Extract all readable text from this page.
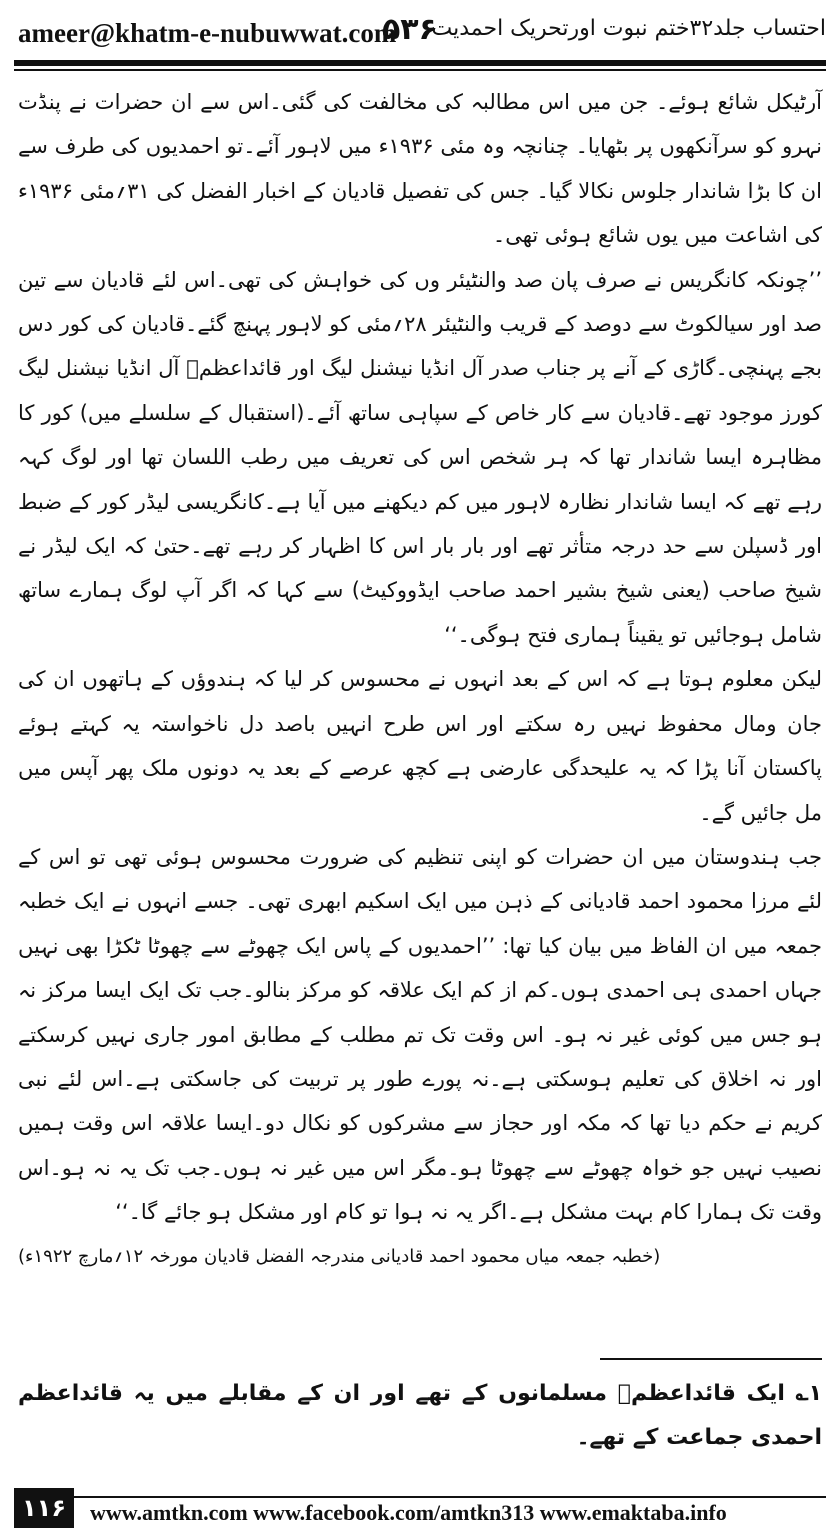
ameer@khatm-e-nubuwwat.com
۵۳۶
احتساب جلد۳۲ختم نبوت اورتحریک احمدیت

آرٹیکل شائع ہوئے۔ جن میں اس مطالبہ کی مخالفت کی گئی۔اس سے ان حضرات نے پنڈت نہرو کو سرآنکھوں پر بٹھایا۔ چنانچہ وہ مئی ۱۹۳۶ء میں لاہور آئے۔تو احمدیوں کی طرف سے ان کا بڑا شاندار جلوس نکالا گیا۔ جس کی تفصیل قادیان کے اخبار الفضل کی ۳۱؍مئی ۱۹۳۶ء کی اشاعت میں یوں شائع ہوئی تھی۔

’’چونکہ کانگریس نے صرف پان صد والنٹیئر وں کی خواہش کی تھی۔اس لئے قادیان سے تین صد اور سیالکوٹ سے دوصد کے قریب والنٹیئر ۲۸؍مئی کو لاہور پہنچ گئے۔قادیان کی کور دس بجے پہنچی۔گاڑی کے آنے پر جناب صدر آل انڈیا نیشنل لیگ اور قائداعظمؒ آل انڈیا نیشنل لیگ کورز موجود تھے۔قادیان سے کار خاص کے سپاہی ساتھ آئے۔(استقبال کے سلسلے میں) کور کا مظاہرہ ایسا شاندار تھا کہ ہر شخص اس کی تعریف میں رطب اللسان تھا اور لوگ کہہ رہے تھے کہ ایسا شاندار نظارہ لاہور میں کم دیکھنے میں آیا ہے۔کانگریسی لیڈر کور کے ضبط اور ڈسپلن سے حد درجہ متأثر تھے اور بار بار اس کا اظہار کر رہے تھے۔حتیٰ کہ ایک لیڈر نے شیخ صاحب (یعنی شیخ بشیر احمد صاحب ایڈووکیٹ) سے کہا کہ اگر آپ لوگ ہمارے ساتھ شامل ہوجائیں تو یقیناً ہماری فتح ہوگی۔‘‘

لیکن معلوم ہوتا ہے کہ اس کے بعد انہوں نے محسوس کر لیا کہ ہندوؤں کے ہاتھوں ان کی جان ومال محفوظ نہیں رہ سکتے اور اس طرح انہیں باصد دل ناخواستہ یہ کہتے ہوئے پاکستان آنا پڑا کہ یہ علیحدگی عارضی ہے کچھ عرصے کے بعد یہ دونوں ملک پھر آپس میں مل جائیں گے۔

جب ہندوستان میں ان حضرات کو اپنی تنظیم کی ضرورت محسوس ہوئی تھی تو اس کے لئے مرزا محمود احمد قادیانی کے ذہن میں ایک اسکیم ابھری تھی۔ جسے انہوں نے ایک خطبہ جمعہ میں ان الفاظ میں بیان کیا تھا: ’’احمدیوں کے پاس ایک چھوٹے سے چھوٹا ٹکڑا بھی نہیں جہاں احمدی ہی احمدی ہوں۔کم از کم ایک علاقہ کو مرکز بنالو۔جب تک ایک ایسا مرکز نہ ہو جس میں کوئی غیر نہ ہو۔ اس وقت تک تم مطلب کے مطابق امور جاری نہیں کرسکتے اور نہ اخلاق کی تعلیم ہوسکتی ہے۔نہ پورے طور پر تربیت کی جاسکتی ہے۔اس لئے نبی کریم نے حکم دیا تھا کہ مکہ اور حجاز سے مشرکوں کو نکال دو۔ایسا علاقہ اس وقت ہمیں نصیب نہیں جو خواہ چھوٹے سے چھوٹا ہو۔مگر اس میں غیر نہ ہوں۔جب تک یہ نہ ہو۔اس وقت تک ہمارا کام بہت مشکل ہے۔اگر یہ نہ ہوا تو کام اور مشکل ہو جائے گا۔‘‘

(خطبہ جمعہ میاں محمود احمد قادیانی مندرجہ الفضل قادیان مورخہ ۱۲؍مارچ ۱۹۲۲ء)

۱؎ ایک قائداعظمؒ مسلمانوں کے تھے اور ان کے مقابلے میں یہ قائداعظم احمدی جماعت کے تھے۔
۱۱۶	www.amtkn.com www.facebook.com/amtkn313 www.emaktaba.info
